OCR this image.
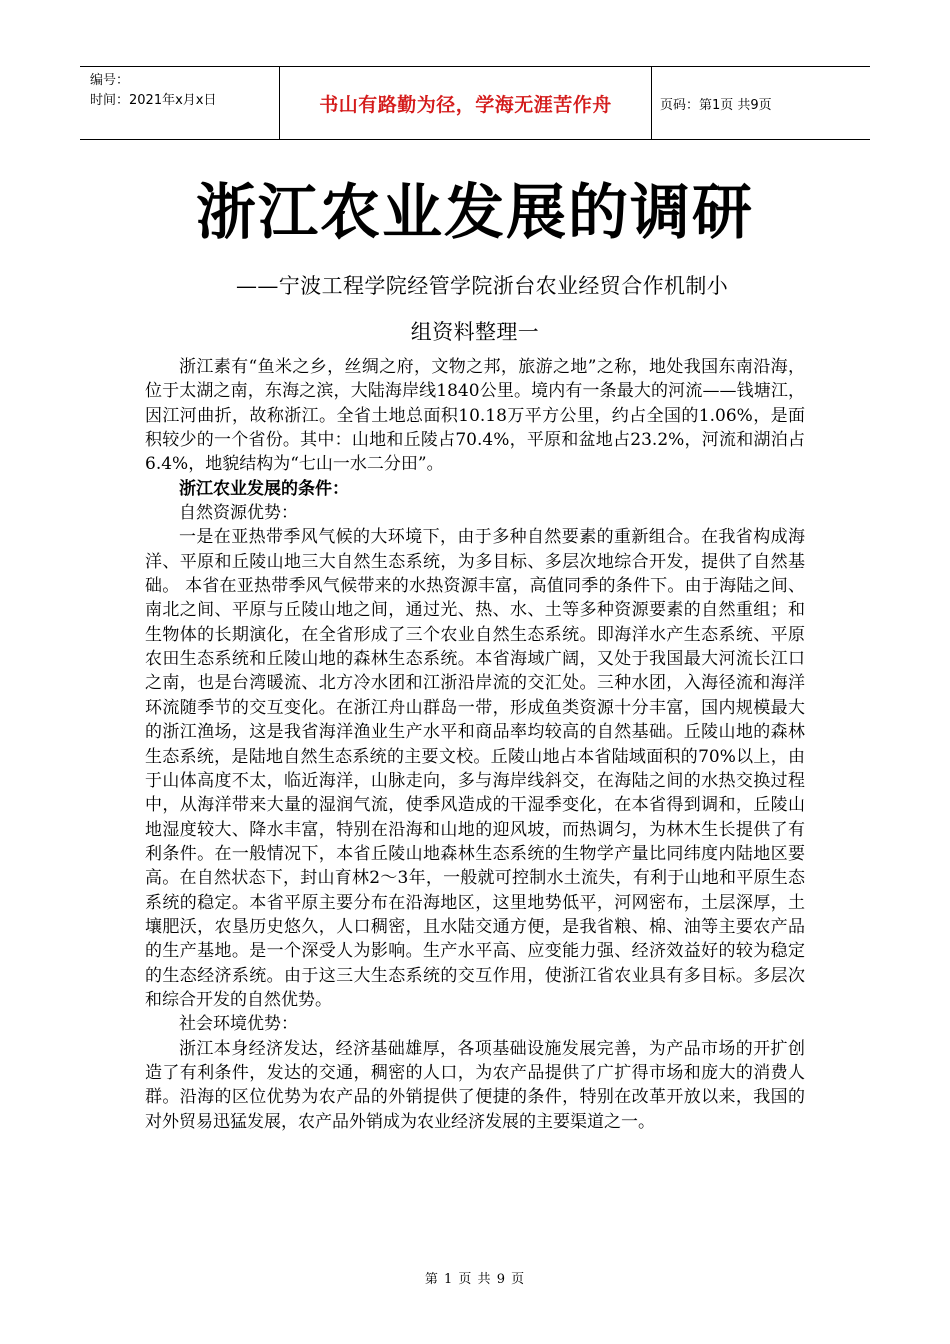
编号：
时间：2021年x月x日	书山有路勤为径，学海无涯苦作舟	页码：第1页 共9页
浙江农业发展的调研
——宁波工程学院经管学院浙台农业经贸合作机制小
组资料整理一

浙江素有“鱼米之乡，丝绸之府，文物之邦，旅游之地”之称，地处我国东南沿海，位于太湖之南，东海之滨，大陆海岸线1840公里。境内有一条最大的河流——钱塘江，因江河曲折，故称浙江。全省土地总面积10.18万平方公里，约占全国的1.06%，是面积较少的一个省份。其中：山地和丘陵占70.4%，平原和盆地占23.2%，河流和湖泊占6.4%，地貌结构为“七山一水二分田”。

浙江农业发展的条件：

自然资源优势：

一是在亚热带季风气候的大环境下，由于多种自然要素的重新组合。在我省构成海洋、平原和丘陵山地三大自然生态系统，为多目标、多层次地综合开发，提供了自然基础。 本省在亚热带季风气候带来的水热资源丰富，高值同季的条件下。由于海陆之间、南北之间、平原与丘陵山地之间，通过光、热、水、土等多种资源要素的自然重组；和生物体的长期演化，在全省形成了三个农业自然生态系统。即海洋水产生态系统、平原农田生态系统和丘陵山地的森林生态系统。本省海域广阔，又处于我国最大河流长江口之南，也是台湾暖流、北方冷水团和江浙沿岸流的交汇处。三种水团，入海径流和海洋环流随季节的交互变化。在浙江舟山群岛一带，形成鱼类资源十分丰富，国内规模最大的浙江渔场，这是我省海洋渔业生产水平和商品率均较高的自然基础。丘陵山地的森林生态系统，是陆地自然生态系统的主要文校。丘陵山地占本省陆域面积的70%以上，由于山体高度不太，临近海洋，山脉走向，多与海岸线斜交，在海陆之间的水热交换过程中，从海洋带来大量的湿润气流，使季风造成的干湿季变化，在本省得到调和，丘陵山地湿度较大、降水丰富，特别在沿海和山地的迎风坡，而热调匀，为林木生长提供了有利条件。在一般情况下，本省丘陵山地森林生态系统的生物学产量比同纬度内陆地区要高。在自然状态下，封山育林2～3年，一般就可控制水土流失，有利于山地和平原生态系统的稳定。本省平原主要分布在沿海地区，这里地势低平，河网密布，土层深厚，土壤肥沃，农垦历史悠久，人口稠密，且水陆交通方便，是我省粮、棉、油等主要农产品的生产基地。是一个深受人为影响。生产水平高、应变能力强、经济效益好的较为稳定的生态经济系统。由于这三大生态系统的交互作用，使浙江省农业具有多目标。多层次和综合开发的自然优势。

社会环境优势：

浙江本身经济发达，经济基础雄厚，各项基础设施发展完善，为产品市场的开扩创造了有利条件，发达的交通，稠密的人口，为农产品提供了广扩得市场和庞大的消费人群。沿海的区位优势为农产品的外销提供了便捷的条件，特别在改革开放以来，我国的对外贸易迅猛发展，农产品外销成为农业经济发展的主要渠道之一。

第 1 页 共 9 页
